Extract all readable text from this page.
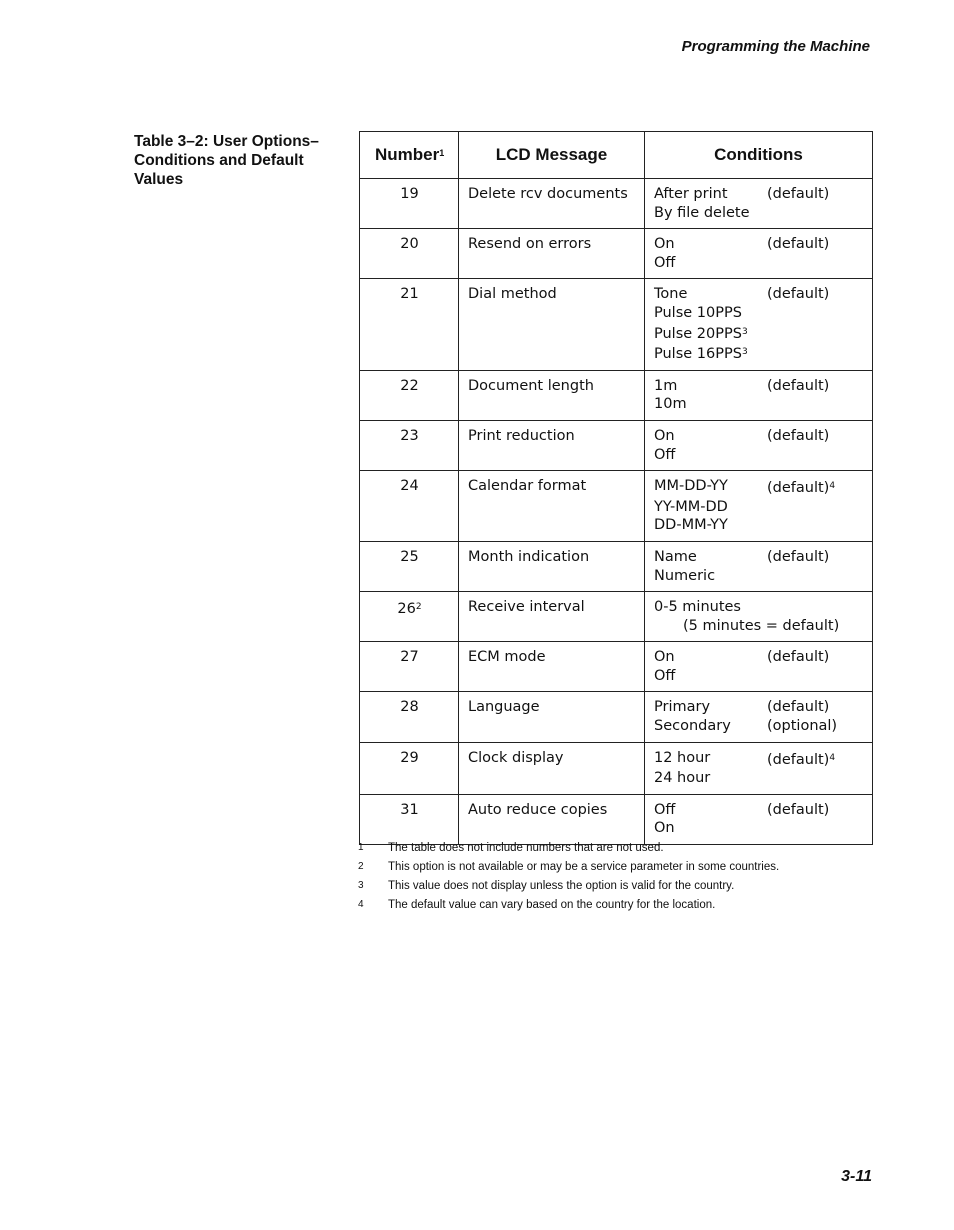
Programming the Machine
Table 3–2: User Options–Conditions and Default Values
Number$^1$	LCD Message	Conditions
19	Delete rcv documents	After print (default)
By file delete

20	Resend on errors	On (default)
Off

21	Dial method	Tone (default)
Pulse 10PPS
Pulse 20PPS$^3$
Pulse 16PPS$^3$

22	Document length	1m (default)
10m

23	Print reduction	On (default)
Off

24	Calendar format	MM-DD-YY (default)$^4$
YY-MM-DD
DD-MM-YY

25	Month indication	Name (default)
Numeric

$26^2$	Receive interval	0-5 minutes
(5 minutes = default)

27	ECM mode	On (default)
Off

28	Language	Primary (default)
Secondary (optional)

29	Clock display	12 hour (default)$^4$
24 hour

31	Auto reduce copies	Off (default)
On
1	The table does not include numbers that are not used.
2	This option is not available or may be a service parameter in some countries.
3	This value does not display unless the option is valid for the country.
4	The default value can vary based on the country for the location.
3-11
